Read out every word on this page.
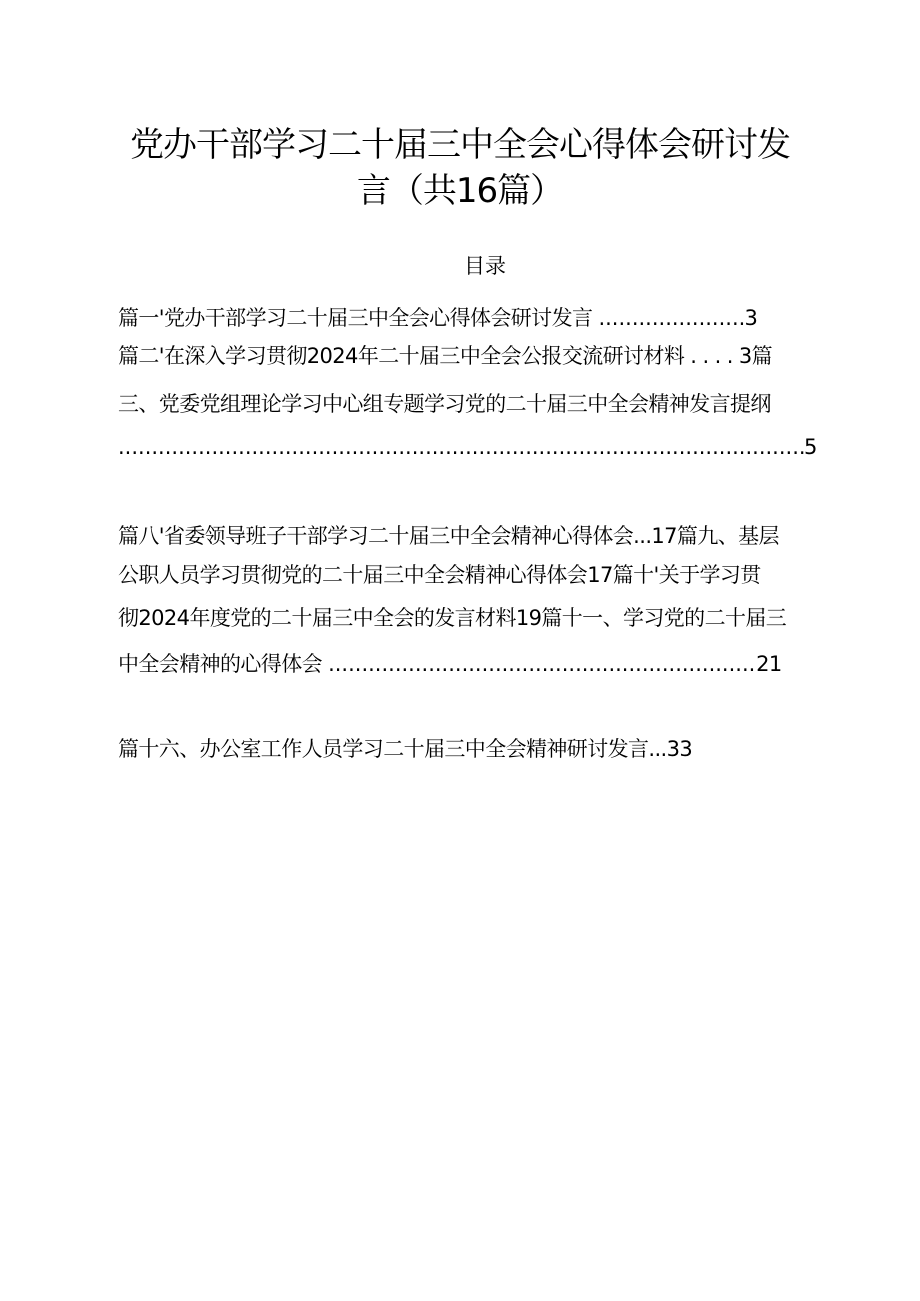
党办干部学习二十届三中全会心得体会研讨发
言（共16篇）
目录
篇一'党办干部学习二十届三中全会心得体会研讨发言 .....	3
篇二'在深入学习贯彻2024年二十届三中全会公报交流研讨材料 . . . . 3篇
三、党委党组理论学习中心组专题学习党的二十届三中全会精神发言提纲
.....5
篇八'省委领导班子干部学习二十届三中全会精神心得体会...17篇九、基层
公职人员学习贯彻党的二十届三中全会精神心得体会17篇十'关于学习贯
彻2024年度党的二十届三中全会的发言材料19篇十一、学习党的二十届三
中全会精神的心得体会 .....	21
篇十六、办公室工作人员学习二十届三中全会精神研讨发言...33
